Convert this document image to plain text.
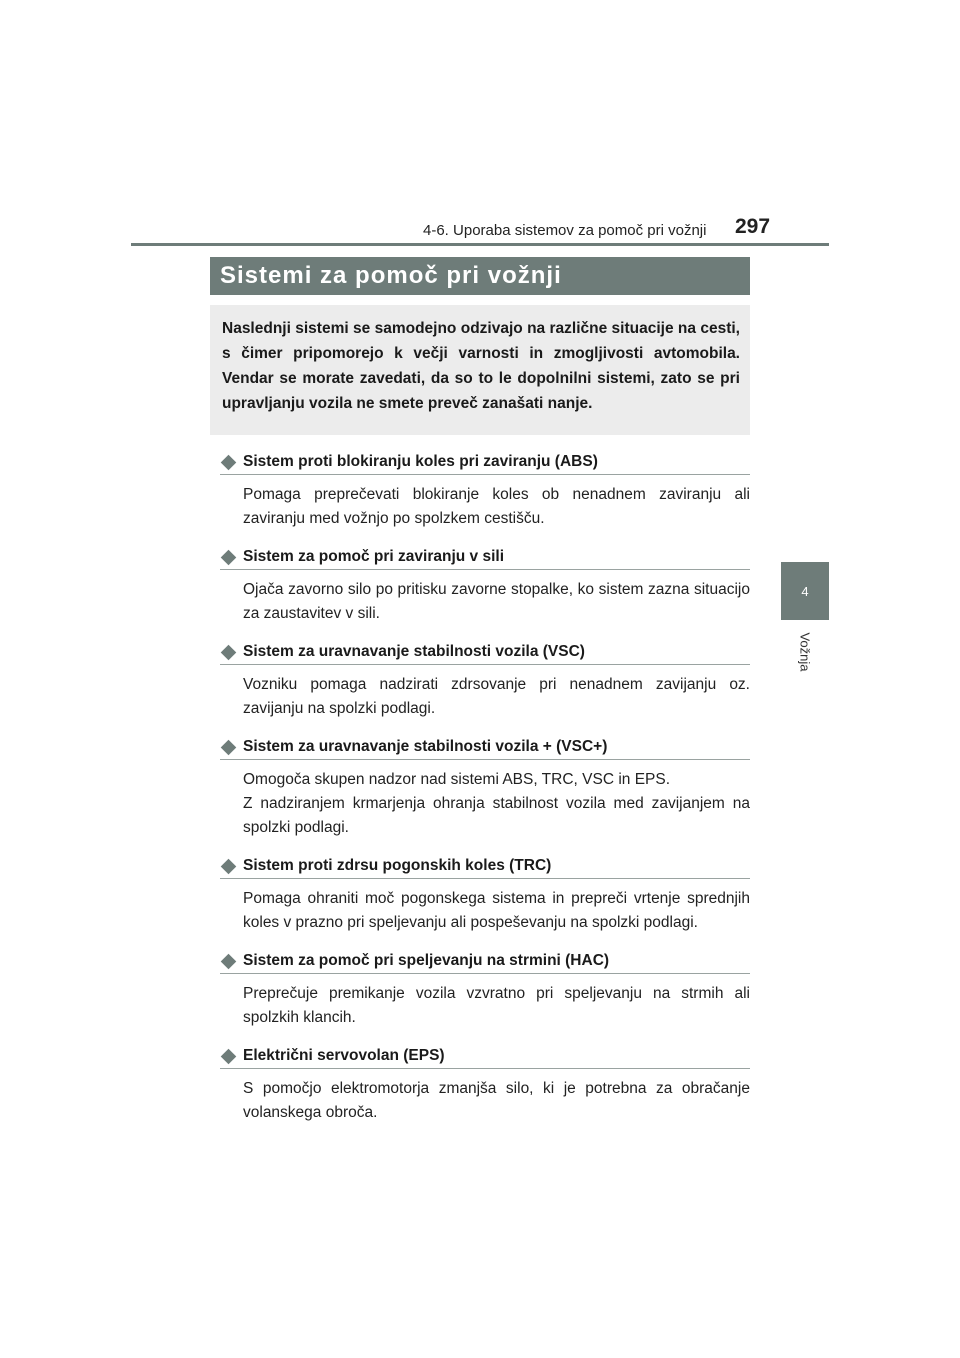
4-6. Uporaba sistemov za pomoč pri vožnji 297
4
Vožnja
Sistemi za pomoč pri vožnji
Naslednji sistemi se samodejno odzivajo na različne situacije na cesti, s čimer pripomorejo k večji varnosti in zmogljivosti avtomobila. Vendar se morate zavedati, da so to le dopolnilni sistemi, zato se pri upravljanju vozila ne smete preveč zanašati nanje.
Sistem proti blokiranju koles pri zaviranju (ABS)

Pomaga preprečevati blokiranje koles ob nenadnem zaviranju ali zaviranju med vožnjo po spolzkem cestišču.

Sistem za pomoč pri zaviranju v sili

Ojača zavorno silo po pritisku zavorne stopalke, ko sistem zazna situacijo za zaustavitev v sili.

Sistem za uravnavanje stabilnosti vozila (VSC)

Vozniku pomaga nadzirati zdrsovanje pri nenadnem zavijanju oz. zavijanju na spolzki podlagi.

Sistem za uravnavanje stabilnosti vozila + (VSC+)

Omogoča skupen nadzor nad sistemi ABS, TRC, VSC in EPS.

Z nadziranjem krmarjenja ohranja stabilnost vozila med zavijanjem na spolzki podlagi.

Sistem proti zdrsu pogonskih koles (TRC)

Pomaga ohraniti moč pogonskega sistema in prepreči vrtenje sprednjih koles v prazno pri speljevanju ali pospeševanju na spolzki podlagi.

Sistem za pomoč pri speljevanju na strmini (HAC)

Preprečuje premikanje vozila vzvratno pri speljevanju na strmih ali spolzkih klancih.

Električni servovolan (EPS)

S pomočjo elektromotorja zmanjša silo, ki je potrebna za obračanje volanskega obroča.
